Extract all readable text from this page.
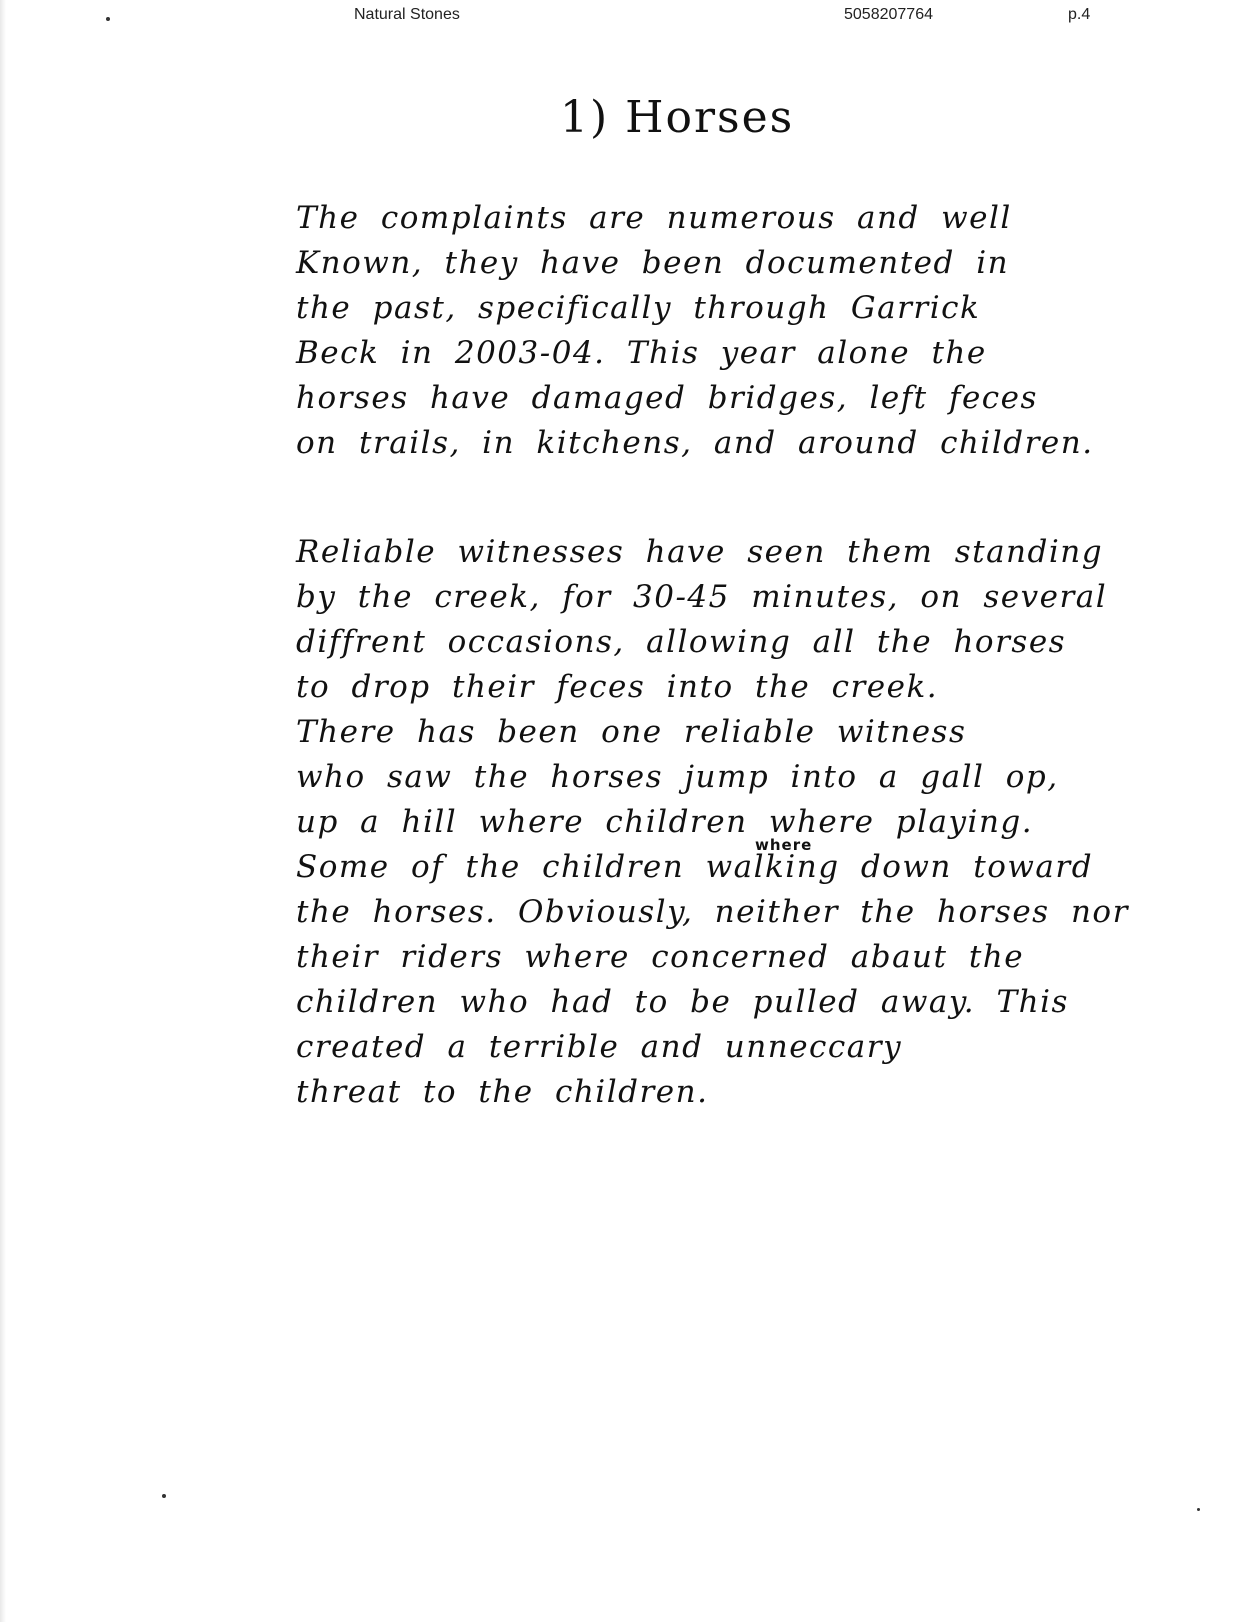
Natural Stones	5058207764	p.4
1) Horses
The complaints are numerous and well
Known, they have been documented in
the past, specifically through Garrick
Beck in 2003-04. This year alone the
horses have damaged bridges, left feces
on trails, in kitchens, and around children.
Reliable witnesses have seen them standing
by the creek, for 30-45 minutes, on several
diffrent occasions, allowing all the horses
to drop their feces into the creek.
There has been one reliable witness
who saw the horses jump into a gall op,
up a hill where children where playing.
Some of the children walking down toward
the horses. Obviously, neither the horses nor
their riders where concerned abaut the
children who had to be pulled away. This
created a terrible and unneccary
threat to the children.
where
